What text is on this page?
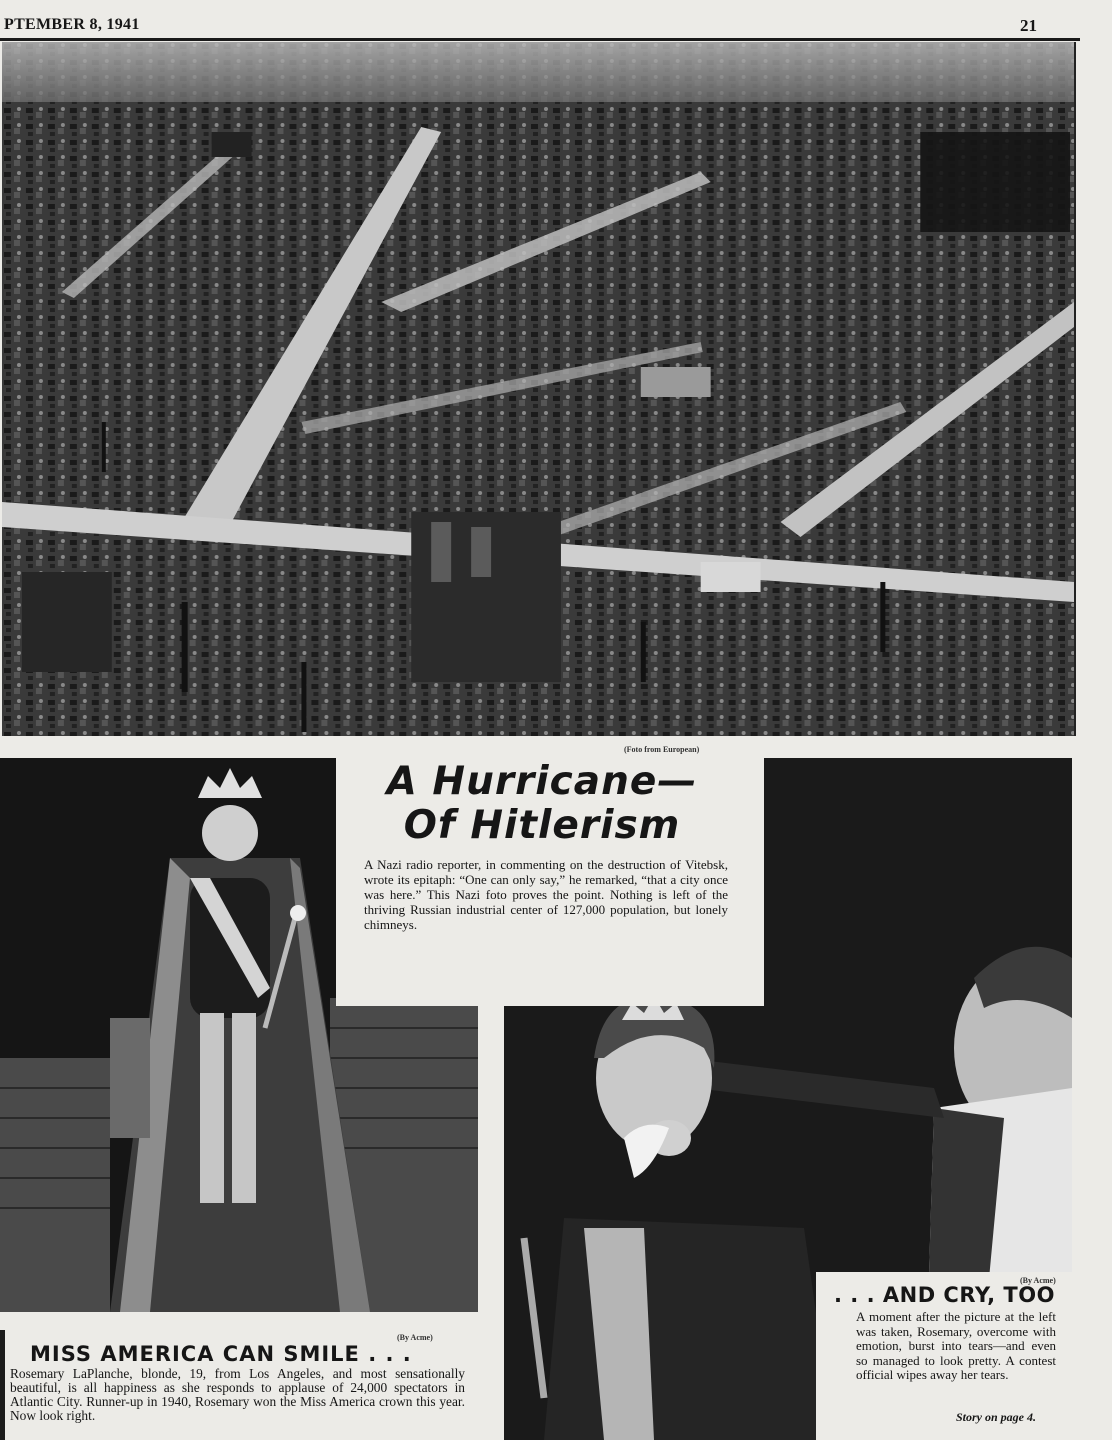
PTEMBER 8, 1941	21
(Foto from European)
A Hurricane—
Of Hitlerism
A Nazi radio reporter, in commenting on the destruction of Vitebsk, wrote its epitaph: “One can only say,” he remarked, “that a city once was here.” This Nazi foto proves the point. Nothing is left of the thriving Russian industrial center of 127,000 population, but lonely chimneys.
(By Acme)
. . . AND CRY, TOO
A moment after the picture at the left was taken, Rosemary, overcome with emotion, burst into tears—and even so managed to look pretty. A contest official wipes away her tears.
Story on page 4.
(By Acme)
MISS AMERICA CAN SMILE . . .
Rosemary LaPlanche, blonde, 19, from Los Angeles, and most sensationally beautiful, is all happiness as she responds to applause of 24,000 spectators in Atlantic City. Runner-up in 1940, Rosemary won the Miss America crown this year. Now look right.
